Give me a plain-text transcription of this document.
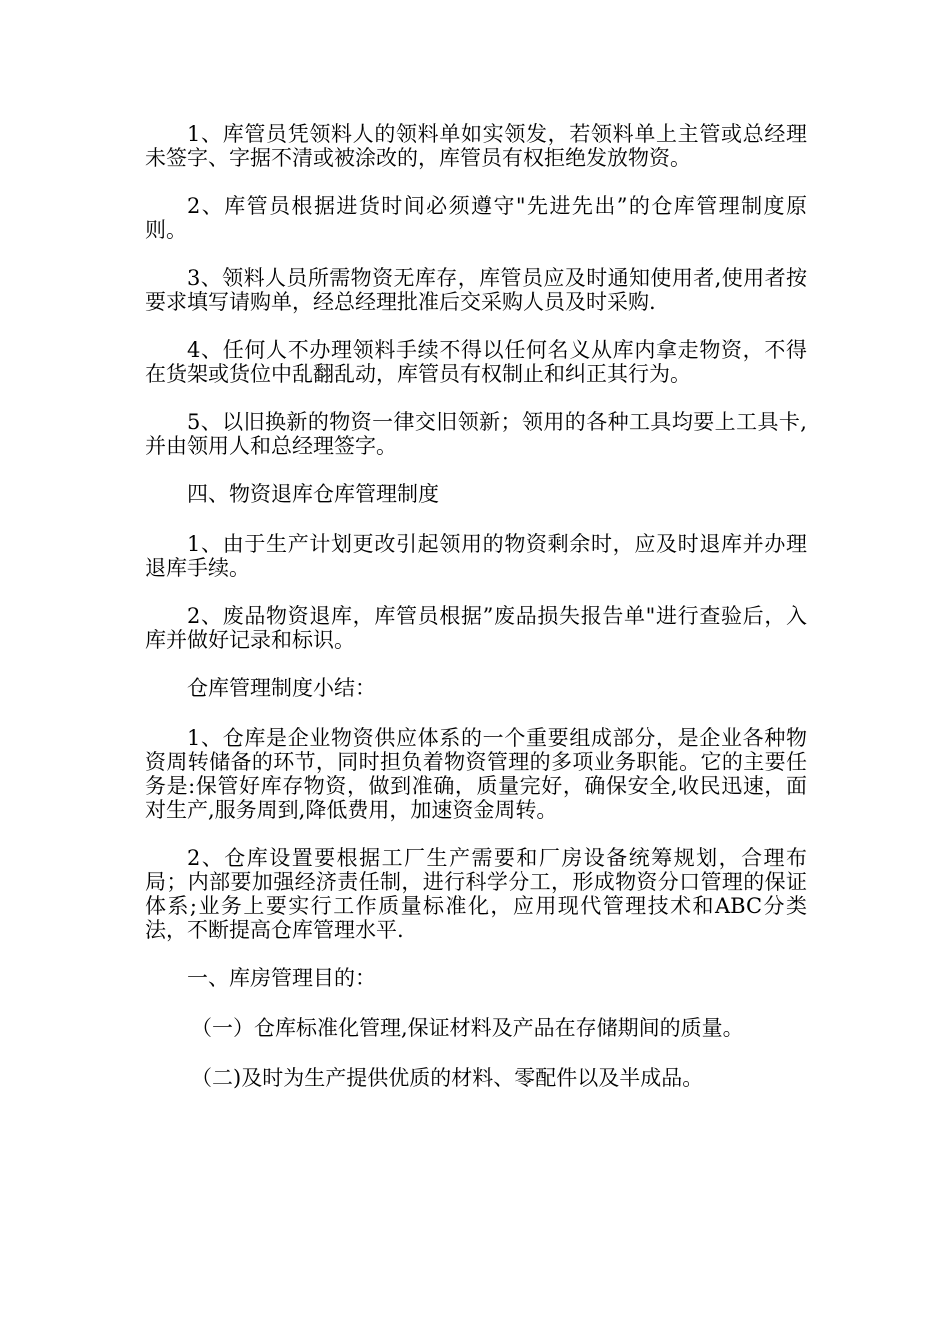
1、库管员凭领料人的领料单如实领发，若领料单上主管或总经理未签字、字据不清或被涂改的，库管员有权拒绝发放物资。

2、库管员根据进货时间必须遵守"先进先出”的仓库管理制度原则。

3、领料人员所需物资无库存，库管员应及时通知使用者,使用者按要求填写请购单，经总经理批准后交采购人员及时采购.

4、任何人不办理领料手续不得以任何名义从库内拿走物资，不得在货架或货位中乱翻乱动，库管员有权制止和纠正其行为。

5、以旧换新的物资一律交旧领新；领用的各种工具均要上工具卡,并由领用人和总经理签字。

四、物资退库仓库管理制度

1、由于生产计划更改引起领用的物资剩余时，应及时退库并办理退库手续。

2、废品物资退库，库管员根据”废品损失报告单"进行查验后，入库并做好记录和标识。

仓库管理制度小结：

1、仓库是企业物资供应体系的一个重要组成部分，是企业各种物资周转储备的环节，同时担负着物资管理的多项业务职能。它的主要任务是:保管好库存物资，做到准确，质量完好，确保安全,收民迅速，面对生产,服务周到,降低费用，加速资金周转。

2、仓库设置要根据工厂生产需要和厂房设备统筹规划，合理布局；内部要加强经济责任制，进行科学分工，形成物资分口管理的保证体系;业务上要实行工作质量标准化，应用现代管理技术和ABC分类法，不断提高仓库管理水平.

一、库房管理目的：

（一）仓库标准化管理,保证材料及产品在存储期间的质量。

（二)及时为生产提供优质的材料、零配件以及半成品。
